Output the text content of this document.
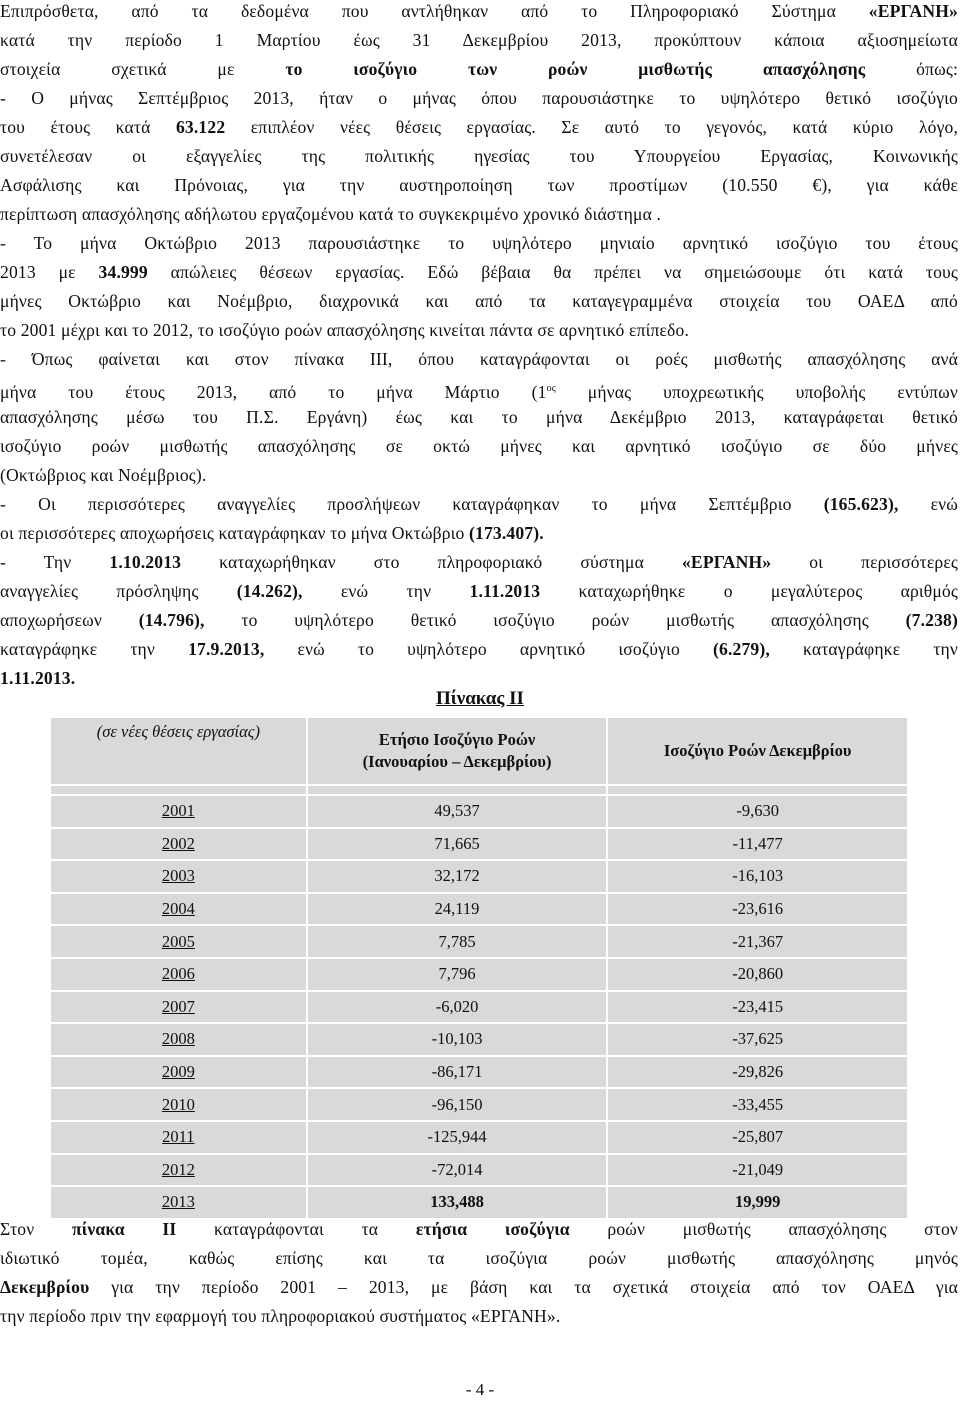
Επιπρόσθετα, από τα δεδομένα που αντλήθηκαν από το Πληροφοριακό Σύστημα «ΕΡΓΑΝΗ»
κατά την περίοδο 1 Μαρτίου έως 31 Δεκεμβρίου 2013, προκύπτουν κάποια αξιοσημείωτα
στοιχεία σχετικά με το ισοζύγιο των ροών μισθωτής απασχόλησης όπως:
- Ο μήνας Σεπτέμβριος 2013, ήταν ο μήνας όπου παρουσιάστηκε το υψηλότερο θετικό ισοζύγιο
του έτους κατά 63.122 επιπλέον νέες θέσεις εργασίας. Σε αυτό το γεγονός, κατά κύριο λόγο,
συνετέλεσαν οι εξαγγελίες της πολιτικής ηγεσίας του Υπουργείου Εργασίας, Κοινωνικής
Ασφάλισης και Πρόνοιας, για την αυστηροποίηση των προστίμων (10.550 €), για κάθε
περίπτωση απασχόλησης αδήλωτου εργαζομένου κατά το συγκεκριμένο χρονικό διάστημα .
- Το μήνα Οκτώβριο 2013 παρουσιάστηκε το υψηλότερο μηνιαίο αρνητικό ισοζύγιο του έτους
2013 με 34.999 απώλειες θέσεων εργασίας. Εδώ βέβαια θα πρέπει να σημειώσουμε ότι κατά τους
μήνες Οκτώβριο και Νοέμβριο, διαχρονικά και από τα καταγεγραμμένα στοιχεία του ΟΑΕΔ από
το 2001 μέχρι και το 2012, το ισοζύγιο ροών απασχόλησης κινείται πάντα σε αρνητικό επίπεδο.
- Όπως φαίνεται και στον πίνακα ΙΙΙ, όπου καταγράφονται οι ροές μισθωτής απασχόλησης ανά
μήνα του έτους 2013, από το μήνα Μάρτιο ($1^{o\varsigma}$ μήνας υποχρεωτικής υποβολής εντύπων
απασχόλησης μέσω του Π.Σ. Εργάνη) έως και το μήνα Δεκέμβριο 2013, καταγράφεται θετικό
ισοζύγιο ροών μισθωτής απασχόλησης σε οκτώ μήνες και αρνητικό ισοζύγιο σε δύο μήνες
(Οκτώβριος και Νοέμβριος).
- Οι περισσότερες αναγγελίες προσλήψεων καταγράφηκαν το μήνα Σεπτέμβριο (165.623), ενώ
οι περισσότερες αποχωρήσεις καταγράφηκαν το μήνα Οκτώβριο (173.407).
- Την 1.10.2013 καταχωρήθηκαν στο πληροφοριακό σύστημα «ΕΡΓΑΝΗ» οι περισσότερες
αναγγελίες πρόσληψης (14.262), ενώ την 1.11.2013 καταχωρήθηκε ο μεγαλύτερος αριθμός
αποχωρήσεων (14.796), το υψηλότερο θετικό ισοζύγιο ροών μισθωτής απασχόλησης (7.238)
καταγράφηκε την 17.9.2013, ενώ το υψηλότερο αρνητικό ισοζύγιο (6.279), καταγράφηκε την
1.11.2013.
Πίνακας ΙΙ
(σε νέες θέσεις εργασίας)	Ετήσιο Ισοζύγιο Ροών
(Ιανουαρίου – Δεκεμβρίου)	Ισοζύγιο Ροών Δεκεμβρίου

2001	49,537	-9,630
2002	71,665	-11,477
2003	32,172	-16,103
2004	24,119	-23,616
2005	7,785	-21,367
2006	7,796	-20,860
2007	-6,020	-23,415
2008	-10,103	-37,625
2009	-86,171	-29,826
2010	-96,150	-33,455
2011	-125,944	-25,807
2012	-72,014	-21,049
2013	133,488	19,999
Στον πίνακα ΙΙ καταγράφονται τα ετήσια ισοζύγια ροών μισθωτής απασχόλησης στον
ιδιωτικό τομέα, καθώς επίσης και τα ισοζύγια ροών μισθωτής απασχόλησης μηνός
Δεκεμβρίου για την περίοδο 2001 – 2013, με βάση και τα σχετικά στοιχεία από τον ΟΑΕΔ για
την περίοδο πριν την εφαρμογή του πληροφοριακού συστήματος «ΕΡΓΑΝΗ».
- 4 -
